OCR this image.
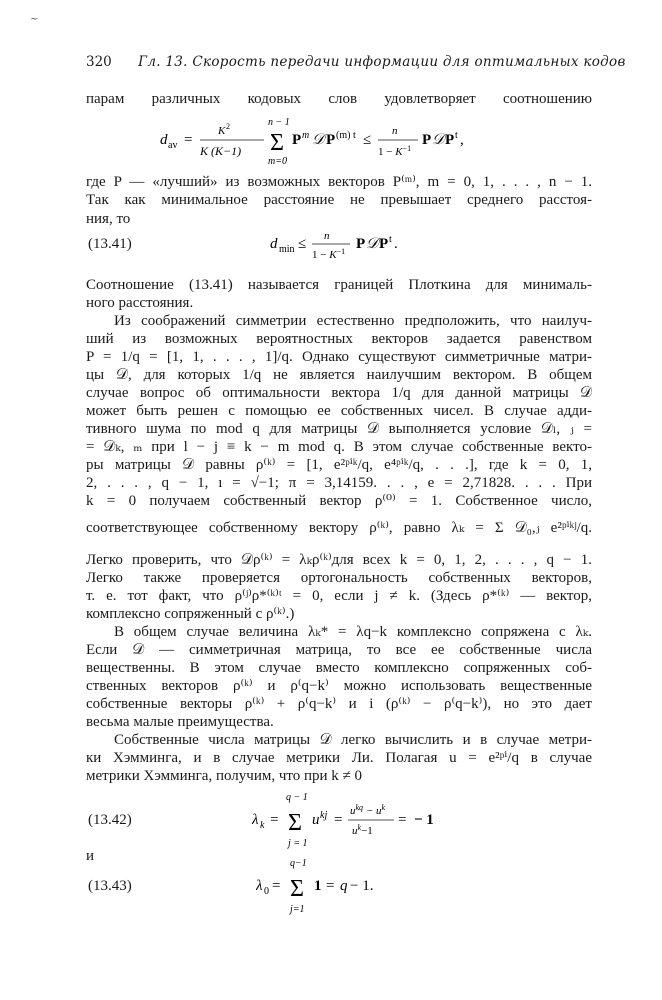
~
320 Гл. 13. Скорость передачи информации для оптимальных кодов
парам различных кодовых слов удовлетворяет соотношению
d av =
K 2
K (K−1)
n − 1
Σ
m=0
P m 𝒟 P (m) t ≤
n
$1 - K^{-1}$
P 𝒟 P t ,
где P — «лучший» из возможных векторов P⁽ᵐ⁾, m = 0, 1, . . . , n − 1.
Так как минимальное расстояние не превышает среднего расстоя-
ния, то
(13.41)	d min ≤ n
$1 - K^{-1}$ P 𝒟 P t .
Соотношение (13.41) называется границей Плоткина для минималь-
ного расстояния.
Из соображений симметрии естественно предположить, что наилуч-
ший из возможных вероятностных векторов задается равенством
P = 1/q = [1, 1, . . . , 1]/q. Однако существуют симметричные матри-
цы 𝒟, для которых 1/q не является наилучшим вектором. В общем
случае вопрос об оптимальности вектора 1/q для данной матрицы 𝒟
может быть решен с помощью ее собственных чисел. В случае адди-
тивного шума по mod q для матрицы 𝒟 выполняется условие 𝒟ₗ, ⱼ =
= 𝒟ₖ, ₘ при l − j ≡ k − m mod q. В этом случае собственные векто-
ры матрицы 𝒟 равны ρ⁽ᵏ⁾ = [1, e²ᵖⁱᵏ/q, e⁴ᵖⁱᵏ/q, . . .], где k = 0, 1,
2, . . . , q − 1, ı = √−1; π = 3,14159. . . , e = 2,71828. . . . При
k = 0 получаем собственный вектор ρ⁽⁰⁾ = 1. Собственное число,
соответствующее собственному вектору ρ⁽ᵏ⁾, равно λₖ = Σ 𝒟₀,ⱼ e²ᵖⁱᵏʲ/q.
Легко проверить, что 𝒟ρ⁽ᵏ⁾ = λₖρ⁽ᵏ⁾для всех k = 0, 1, 2, . . . , q − 1.
Легко также проверяется ортогональность собственных векторов,
т. е. тот факт, что ρ⁽ʲ⁾ρ*⁽ᵏ⁾ᵗ = 0, если j ≠ k. (Здесь ρ*⁽ᵏ⁾ — вектор,
комплексно сопряженный с ρ⁽ᵏ⁾.)
В общем случае величина λₖ* = λq−k комплексно сопряжена с λₖ.
Если 𝒟 — симметричная матрица, то все ее собственные числа
вещественны. В этом случае вместо комплексно сопряженных соб-
ственных векторов ρ⁽ᵏ⁾ и ρ⁽q−k⁾ можно использовать вещественные
собственные векторы ρ⁽ᵏ⁾ + ρ⁽q−k⁾ и i (ρ⁽ᵏ⁾ − ρ⁽q−k⁾), но это дает
весьма малые преимущества.
Собственные числа матрицы 𝒟 легко вычислить и в случае метри-
ки Хэмминга, и в случае метрики Ли. Полагая u = e²ᵖⁱ/q в случае
метрики Хэмминга, получим, что при k ≠ 0
(13.42)	λ k =
q − 1
Σ
j = 1
u kj =
$u^{kq} - u^k$
$u^k-1$
= − 1
и
(13.43)	λ 0 =
q−1
Σ
j=1
1 = q − 1.
